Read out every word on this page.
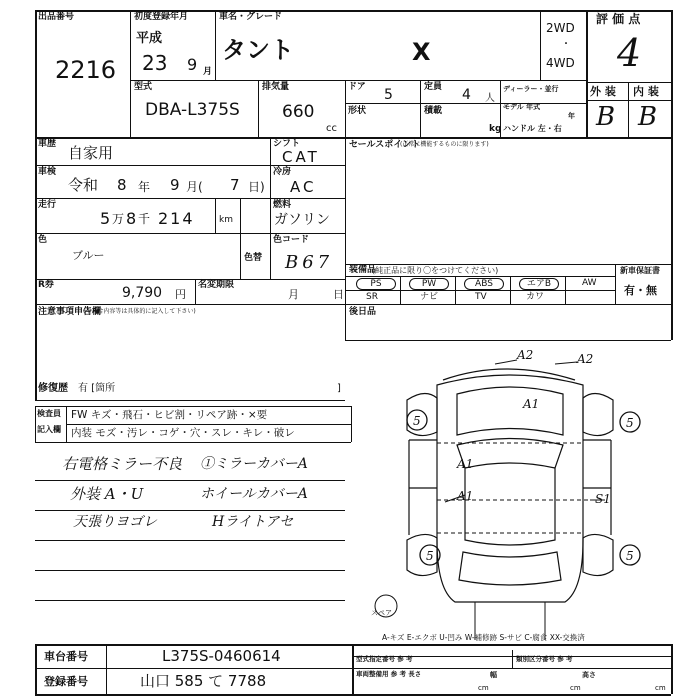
出品番号
2216
初度登録年月
平成
23 9 月
車名・グレード
タント	X
2WD
・
4WD
評 価 点
4
型式
DBA-L375S
排気量
660
cc
ドア 5	定員 4 人
形状	積載
kg
ディーラー・並行
モデル 年式
年
ハンドル 左・右
外 装 内 装
B B
車歴 自家用	シフト
CAT
車検
令和 8 年 9 月( 7 日)
冷房
AC
走行
5 万 8 千 214	km
燃料
ガソリン
色
ブルー	色替
色コード
B67
R券	9,790 円
名変期限
月	日
注意事項申告欄
(不具合内容等は具体的に記入して下さい)
修復歴 有 [箇所	]
セールスポイント
(正常に機能するものに限ります)
装備品
(純正品に限り〇をつけてください)
PS	PW	ABS	エアB	AW
SR	ナビ	TV	カワ
新車保証書
有・無
後日品
検査員
記入欄
FW キズ・飛石・ヒビ割・リペア跡・×要
内装 モズ・汚レ・コゲ・穴・スレ・キレ・破レ
右電格ミラー不良 ①ミラーカバーA
外装 A・U	ホイールカバーA
天張りヨゴレ	Hライトアセ
A2	A2
A1
A1
A1	S1
5	5
5	5
スペア
A-キズ E-エクボ U-凹み W-補修跡 S-サビ C-腐食 XX-交換済
車台番号	L375S-0460614
登録番号	山口 585 て 7788
型式指定番号 参 考	類別区分番号 参 考
車両整備用 参 考 長さ
cm
幅
cm
高さ
cm
